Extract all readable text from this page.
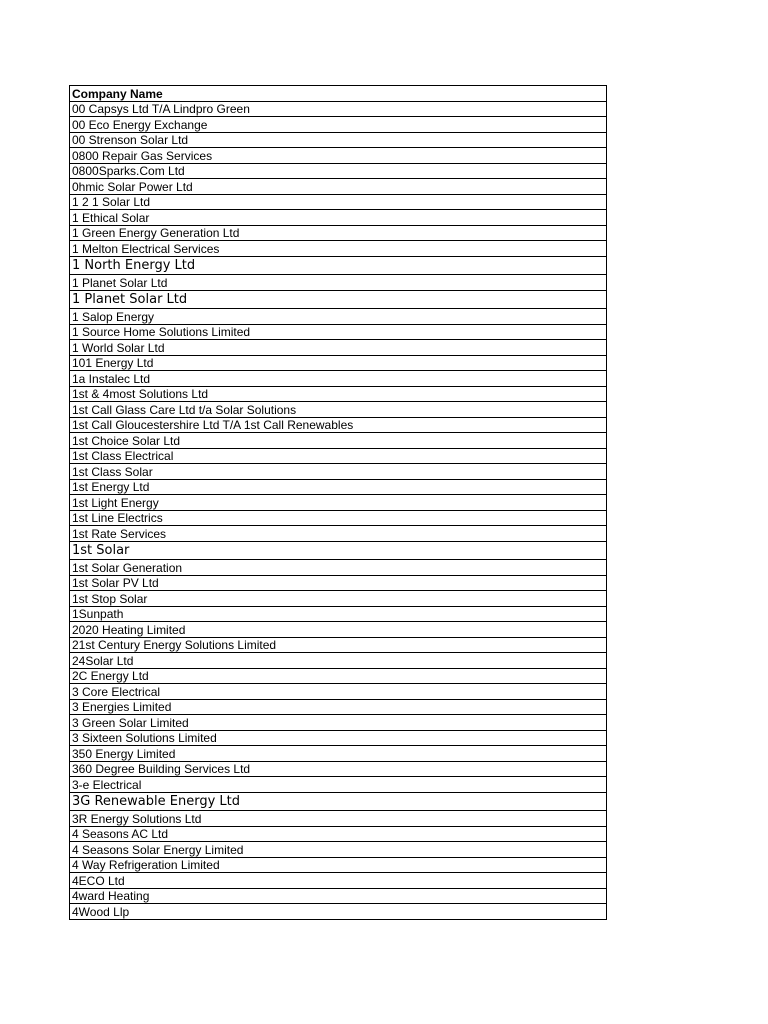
Company Name
00 Capsys Ltd T/A Lindpro Green
00 Eco Energy Exchange
00 Strenson Solar Ltd
0800 Repair Gas Services
0800Sparks.Com Ltd
0hmic Solar Power Ltd
1 2 1 Solar Ltd
1 Ethical Solar
1 Green Energy Generation Ltd
1 Melton Electrical Services
1 North Energy Ltd
1 Planet Solar Ltd
1 Planet Solar Ltd
1 Salop Energy
1 Source Home Solutions Limited
1 World Solar Ltd
101 Energy Ltd
1a Instalec Ltd
1st & 4most Solutions Ltd
1st Call Glass Care Ltd t/a Solar Solutions
1st Call Gloucestershire Ltd T/A 1st Call Renewables
1st Choice Solar Ltd
1st Class Electrical
1st Class Solar
1st Energy Ltd
1st Light Energy
1st Line Electrics
1st Rate Services
1st Solar
1st Solar Generation
1st Solar PV Ltd
1st Stop Solar
1Sunpath
2020 Heating Limited
21st Century Energy Solutions Limited
24Solar Ltd
2C Energy Ltd
3 Core Electrical
3 Energies Limited
3 Green Solar Limited
3 Sixteen Solutions Limited
350 Energy Limited
360 Degree Building Services Ltd
3-e Electrical
3G Renewable Energy Ltd
3R Energy Solutions Ltd
4 Seasons AC Ltd
4 Seasons Solar Energy Limited
4 Way Refrigeration Limited
4ECO Ltd
4ward Heating
4Wood Llp
